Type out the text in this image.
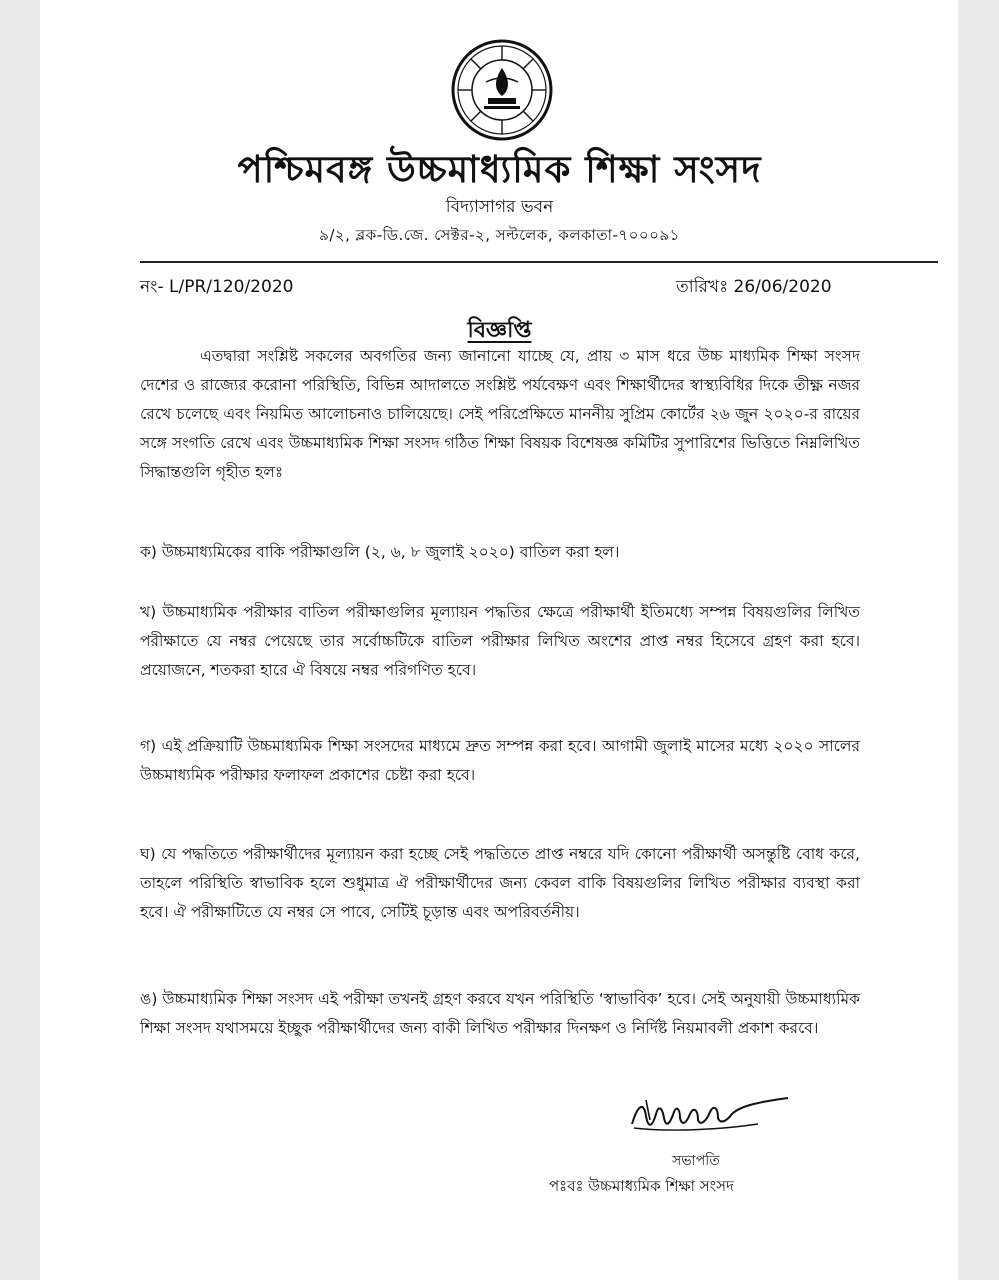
পশ্চিমবঙ্গ উচ্চমাধ্যমিক শিক্ষা সংসদ
বিদ্যাসাগর ভবন
৯/২, ব্লক-ডি.জে. সেক্টর-২, সল্টলেক, কলকাতা-৭০০০৯১
নং- L/PR/120/2020	তারিখঃ 26/06/2020
বিজ্ঞপ্তি

এতদ্বারা সংশ্লিষ্ট সকলের অবগতির জন্য জানানো যাচ্ছে যে, প্রায় ৩ মাস ধরে উচ্চ মাধ্যমিক শিক্ষা সংসদ দেশের ও রাজ্যের করোনা পরিস্থিতি, বিভিন্ন আদালতে সংশ্লিষ্ট পর্যবেক্ষণ এবং শিক্ষার্থীদের স্বাস্থ্যবিধির দিকে তীক্ষ্ণ নজর রেখে চলেছে এবং নিয়মিত আলোচনাও চালিয়েছে। সেই পরিপ্রেক্ষিতে মাননীয় সুপ্রিম কোর্টের ২৬ জুন ২০২০-র রায়ের সঙ্গে সংগতি রেখে এবং উচ্চমাধ্যমিক শিক্ষা সংসদ গঠিত শিক্ষা বিষয়ক বিশেষজ্ঞ কমিটির সুপারিশের ভিত্তিতে নিম্নলিখিত সিদ্ধান্তগুলি গৃহীত হলঃ

ক) উচ্চমাধ্যমিকের বাকি পরীক্ষাগুলি (২, ৬, ৮ জুলাই ২০২০) বাতিল করা হল।

খ) উচ্চমাধ্যমিক পরীক্ষার বাতিল পরীক্ষাগুলির মূল্যায়ন পদ্ধতির ক্ষেত্রে পরীক্ষার্থী ইতিমধ্যে সম্পন্ন বিষয়গুলির লিখিত পরীক্ষাতে যে নম্বর পেয়েছে তার সর্বোচ্চটিকে বাতিল পরীক্ষার লিখিত অংশের প্রাপ্ত নম্বর হিসেবে গ্রহণ করা হবে। প্রয়োজনে, শতকরা হারে ঐ বিষয়ে নম্বর পরিগণিত হবে।

গ) এই প্রক্রিয়াটি উচ্চমাধ্যমিক শিক্ষা সংসদের মাধ্যমে দ্রুত সম্পন্ন করা হবে। আগামী জুলাই মাসের মধ্যে ২০২০ সালের উচ্চমাধ্যমিক পরীক্ষার ফলাফল প্রকাশের চেষ্টা করা হবে।

ঘ) যে পদ্ধতিতে পরীক্ষার্থীদের মূল্যায়ন করা হচ্ছে সেই পদ্ধতিতে প্রাপ্ত নম্বরে যদি কোনো পরীক্ষার্থী অসন্তুষ্টি বোধ করে, তাহলে পরিস্থিতি স্বাভাবিক হলে শুধুমাত্র ঐ পরীক্ষার্থীদের জন্য কেবল বাকি বিষয়গুলির লিখিত পরীক্ষার ব্যবস্থা করা হবে। ঐ পরীক্ষাটিতে যে নম্বর সে পাবে, সেটিই চূড়ান্ত এবং অপরিবর্তনীয়।

ঙ) উচ্চমাধ্যমিক শিক্ষা সংসদ এই পরীক্ষা তখনই গ্রহণ করবে যখন পরিস্থিতি ‘স্বাভাবিক’ হবে। সেই অনুযায়ী উচ্চমাধ্যমিক শিক্ষা সংসদ যথাসময়ে ইচ্ছুক পরীক্ষার্থীদের জন্য বাকী লিখিত পরীক্ষার দিনক্ষণ ও নির্দিষ্ট নিয়মাবলী প্রকাশ করবে।

সভাপতি
পঃবঃ উচ্চমাধ্যমিক শিক্ষা সংসদ
